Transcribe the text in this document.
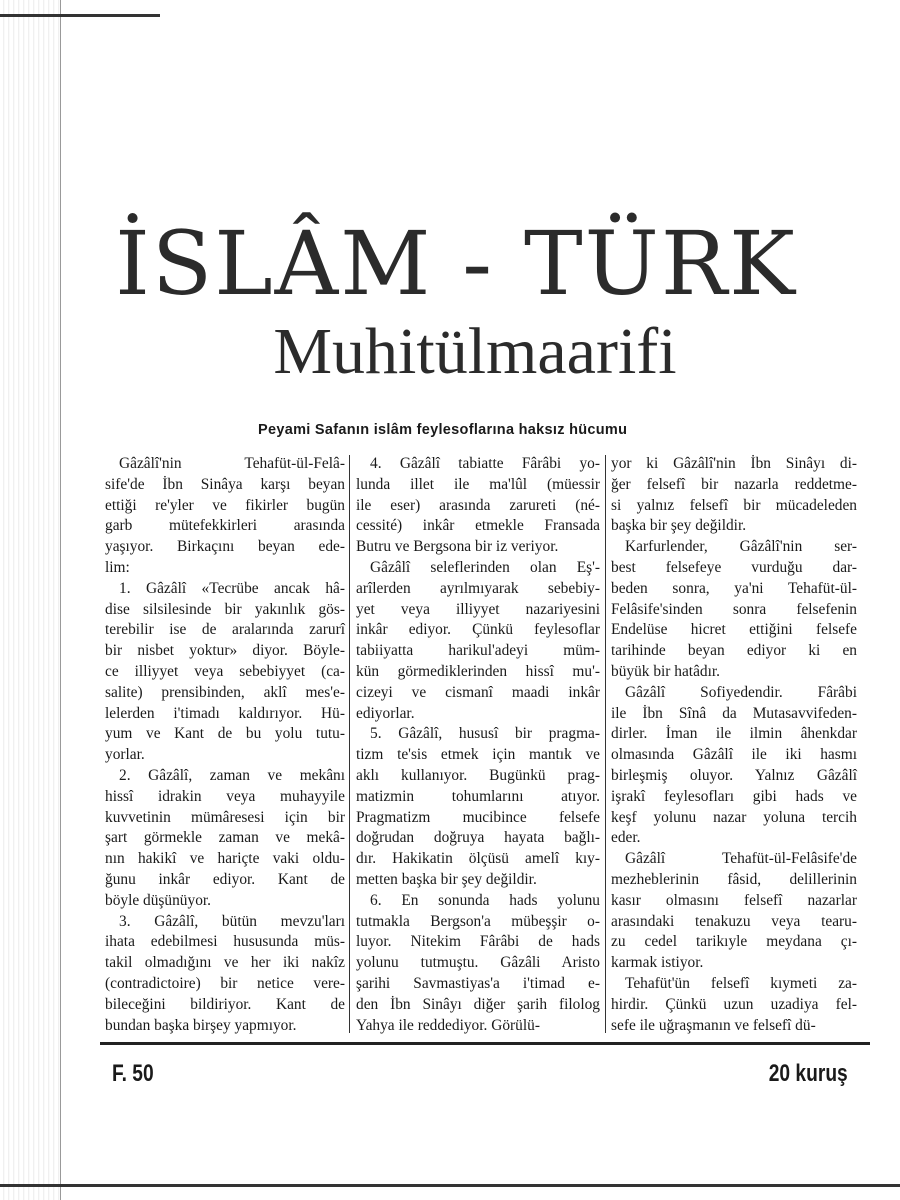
İSLÂM - TÜRK
Muhitülmaarifi
Peyami Safanın islâm feylesoflarına haksız hücumu
Gâzâlî'nin Tehafüt-ül-Felâ-
sife'de İbn Sinâya karşı beyan
ettiği re'yler ve fikirler bugün
garb mütefekkirleri arasında
yaşıyor. Birkaçını beyan ede-
lim:
1. Gâzâlî «Tecrübe ancak hâ-
dise silsilesinde bir yakınlık gös-
terebilir ise de aralarında zarurî
bir nisbet yoktur» diyor. Böyle-
ce illiyyet veya sebebiyyet (ca-
salite) prensibinden, aklî mes'e-
lelerden i'timadı kaldırıyor. Hü-
yum ve Kant de bu yolu tutu-
yorlar.
2. Gâzâlî, zaman ve mekânı
hissî idrakin veya muhayyile
kuvvetinin mümâresesi için bir
şart görmekle zaman ve mekâ-
nın hakikî ve hariçte vaki oldu-
ğunu inkâr ediyor. Kant de
böyle düşünüyor.
3. Gâzâlî, bütün mevzu'ları
ihata edebilmesi hususunda müs-
takil olmadığını ve her iki nakîz
(contradictoire) bir netice vere-
bileceğini bildiriyor. Kant de
bundan başka birşey yapmıyor.
4. Gâzâlî tabiatte Fârâbi yo-
lunda illet ile ma'lûl (müessir
ile eser) arasında zarureti (né-
cessité) inkâr etmekle Fransada
Butru ve Bergsona bir iz veriyor.
Gâzâlî seleflerinden olan Eş'-
arîlerden ayrılmıyarak sebebiy-
yet veya illiyyet nazariyesini
inkâr ediyor. Çünkü feylesoflar
tabiiyatta harikul'adeyi müm-
kün görmediklerinden hissî mu'-
cizeyi ve cismanî maadi inkâr
ediyorlar.
5. Gâzâlî, hususî bir pragma-
tizm te'sis etmek için mantık ve
aklı kullanıyor. Bugünkü prag-
matizmin tohumlarını atıyor.
Pragmatizm mucibince felsefe
doğrudan doğruya hayata bağlı-
dır. Hakikatin ölçüsü amelî kıy-
metten başka bir şey değildir.
6. En sonunda hads yolunu
tutmakla Bergson'a mübeşşir o-
luyor. Nitekim Fârâbi de hads
yolunu tutmuştu. Gâzâli Aristo
şarihi Savmastiyas'a i'timad e-
den İbn Sinâyı diğer şarih filolog
Yahya ile reddediyor. Görülü-
yor ki Gâzâlî'nin İbn Sinâyı di-
ğer felsefî bir nazarla reddetme-
si yalnız felsefî bir mücadeleden
başka bir şey değildir.
Karfurlender, Gâzâlî'nin ser-
best felsefeye vurduğu dar-
beden sonra, ya'ni Tehafüt-ül-
Felâsife'sinden sonra felsefenin
Endelüse hicret ettiğini felsefe
tarihinde beyan ediyor ki en
büyük bir hatâdır.
Gâzâlî Sofiyedendir. Fârâbi
ile İbn Sînâ da Mutasavvifeden-
dirler. İman ile ilmin âhenkdar
olmasında Gâzâlî ile iki hasmı
birleşmiş oluyor. Yalnız Gâzâlî
işrakî feylesofları gibi hads ve
keşf yolunu nazar yoluna tercih
eder.
Gâzâlî Tehafüt-ül-Felâsife'de
mezheblerinin fâsid, delillerinin
kasır olmasını felsefî nazarlar
arasındaki tenakuzu veya tearu-
zu cedel tarikıyle meydana çı-
karmak istiyor.
Tehafüt'ün felsefî kıymeti za-
hirdir. Çünkü uzun uzadiya fel-
sefe ile uğraşmanın ve felsefî dü-
F. 50	20 kuruş
